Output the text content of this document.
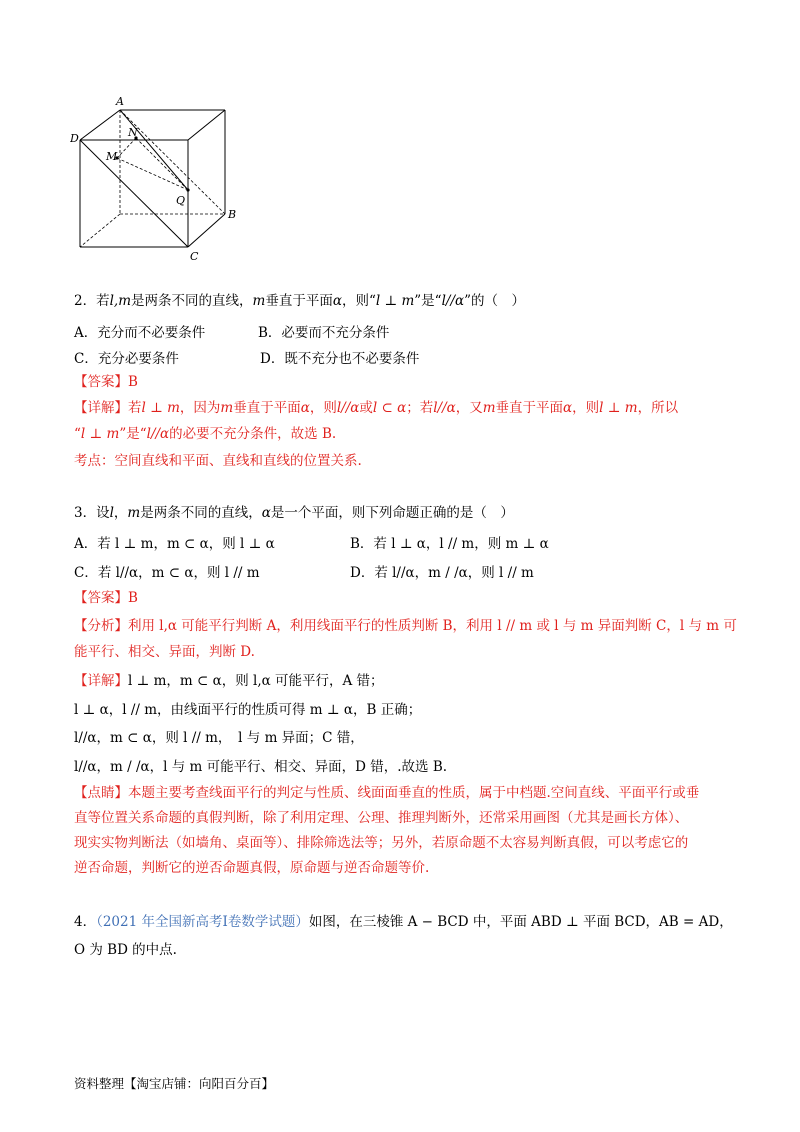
A
D	N
M
Q
B
C
2．若l,m是两条不同的直线，m垂直于平面α，则“l ⊥ m”是“l//α”的（　）
A．充分而不必要条件	B．必要而不充分条件
C．充分必要条件	D．既不充分也不必要条件
【答案】B
【详解】若l ⊥ m，因为m垂直于平面α，则l//α或l ⊂ α；若l//α，又m垂直于平面α，则l ⊥ m，所以
“l ⊥ m”是“l//α的必要不充分条件，故选 B.
考点：空间直线和平面、直线和直线的位置关系.
3．设l，m是两条不同的直线，α是一个平面，则下列命题正确的是（　）
A．若 l ⊥ m，m ⊂ α，则 l ⊥ α	B．若 l ⊥ α，l // m，则 m ⊥ α
C．若 l//α，m ⊂ α，则 l // m	D．若 l//α，m / /α，则 l // m
【答案】B
【分析】利用 l,α 可能平行判断 A，利用线面平行的性质判断 B，利用 l // m 或 l 与 m 异面判断 C，l 与 m 可
能平行、相交、异面，判断 D.
【详解】l ⊥ m，m ⊂ α，则 l,α 可能平行，A 错；
l ⊥ α，l // m，由线面平行的性质可得 m ⊥ α，B 正确；
l//α，m ⊂ α，则 l // m，　l 与 m 异面；C 错，
l//α，m / /α，l 与 m 可能平行、相交、异面，D 错，.故选 B.
【点睛】本题主要考查线面平行的判定与性质、线面面垂直的性质，属于中档题.空间直线、平面平行或垂
直等位置关系命题的真假判断，除了利用定理、公理、推理判断外，还常采用画图（尤其是画长方体）、
现实实物判断法（如墙角、桌面等）、排除筛选法等；另外，若原命题不太容易判断真假，可以考虑它的
逆否命题，判断它的逆否命题真假，原命题与逆否命题等价.
4．（2021 年全国新高考Ⅰ卷数学试题）如图，在三棱锥 A − BCD 中，平面 ABD ⊥ 平面 BCD，AB = AD，
O 为 BD 的中点.
资料整理【淘宝店铺：向阳百分百】
